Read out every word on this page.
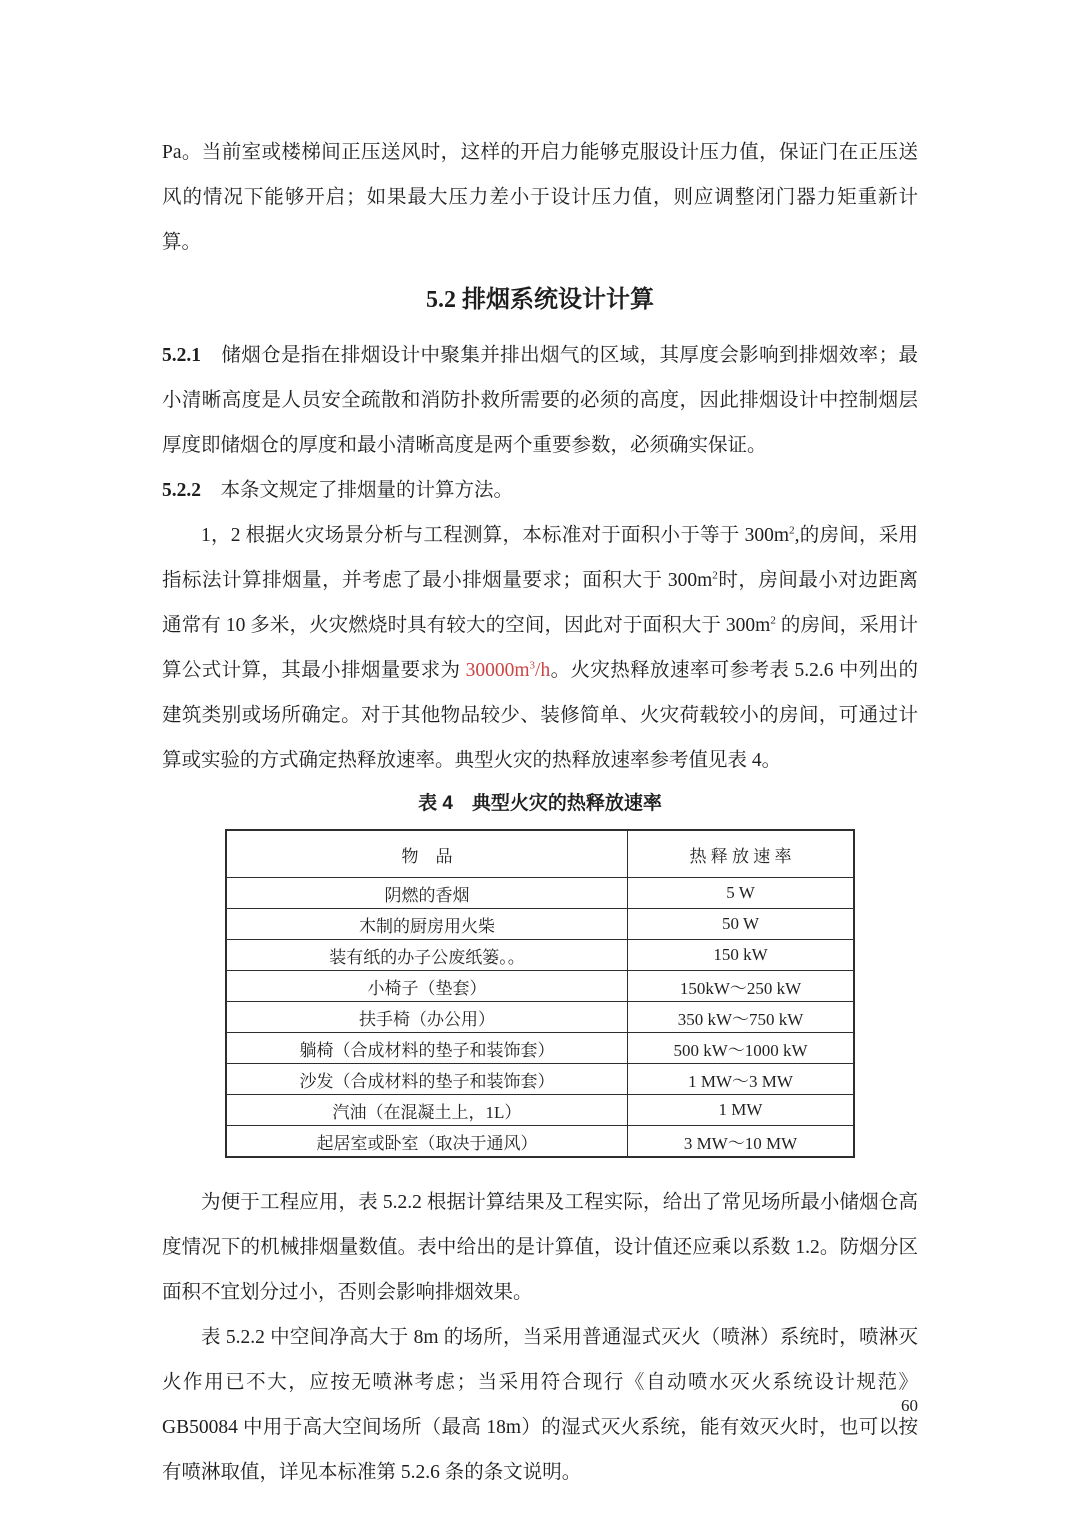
Pa。当前室或楼梯间正压送风时，这样的开启力能够克服设计压力值，保证门在正压送风的情况下能够开启；如果最大压力差小于设计压力值，则应调整闭门器力矩重新计算。

5.2 排烟系统设计计算

5.2.1　储烟仓是指在排烟设计中聚集并排出烟气的区域，其厚度会影响到排烟效率；最小清晰高度是人员安全疏散和消防扑救所需要的必须的高度，因此排烟设计中控制烟层厚度即储烟仓的厚度和最小清晰高度是两个重要参数，必须确实保证。

5.2.2　本条文规定了排烟量的计算方法。

1，2 根据火灾场景分析与工程测算，本标准对于面积小于等于 $300m^2$,的房间，采用指标法计算排烟量，并考虑了最小排烟量要求；面积大于 $300m^2$时，房间最小对边距离通常有 10 多米，火灾燃烧时具有较大的空间，因此对于面积大于 $300m^2$ 的房间，采用计算公式计算，其最小排烟量要求为 $30000m^3/h$。火灾热释放速率可参考表 5.2.6 中列出的建筑类别或场所确定。对于其他物品较少、装修简单、火灾荷载较小的房间，可通过计算或实验的方式确定热释放速率。典型火灾的热释放速率参考值见表 4。

表 4　典型火灾的热释放速率
物　品	热 释 放 速 率
阴燃的香烟	5 W
木制的厨房用火柴	50 W
装有纸的办子公废纸篓。。	150 kW
小椅子（垫套）	150kW～250 kW
扶手椅（办公用）	350 kW～750 kW
躺椅（合成材料的垫子和装饰套）	500 kW～1000 kW
沙发（合成材料的垫子和装饰套）	1 MW～3 MW
汽油（在混凝土上，1L）	1 MW
起居室或卧室（取决于通风）	3 MW～10 MW

为便于工程应用，表 5.2.2 根据计算结果及工程实际，给出了常见场所最小储烟仓高度情况下的机械排烟量数值。表中给出的是计算值，设计值还应乘以系数 1.2。防烟分区面积不宜划分过小，否则会影响排烟效果。

表 5.2.2 中空间净高大于 8m 的场所，当采用普通湿式灭火（喷淋）系统时，喷淋灭火作用已不大，应按无喷淋考虑；当采用符合现行《自动喷水灭火系统设计规范》GB50084 中用于高大空间场所（最高 18m）的湿式灭火系统，能有效灭火时，也可以按有喷淋取值，详见本标准第 5.2.6 条的条文说明。

60
